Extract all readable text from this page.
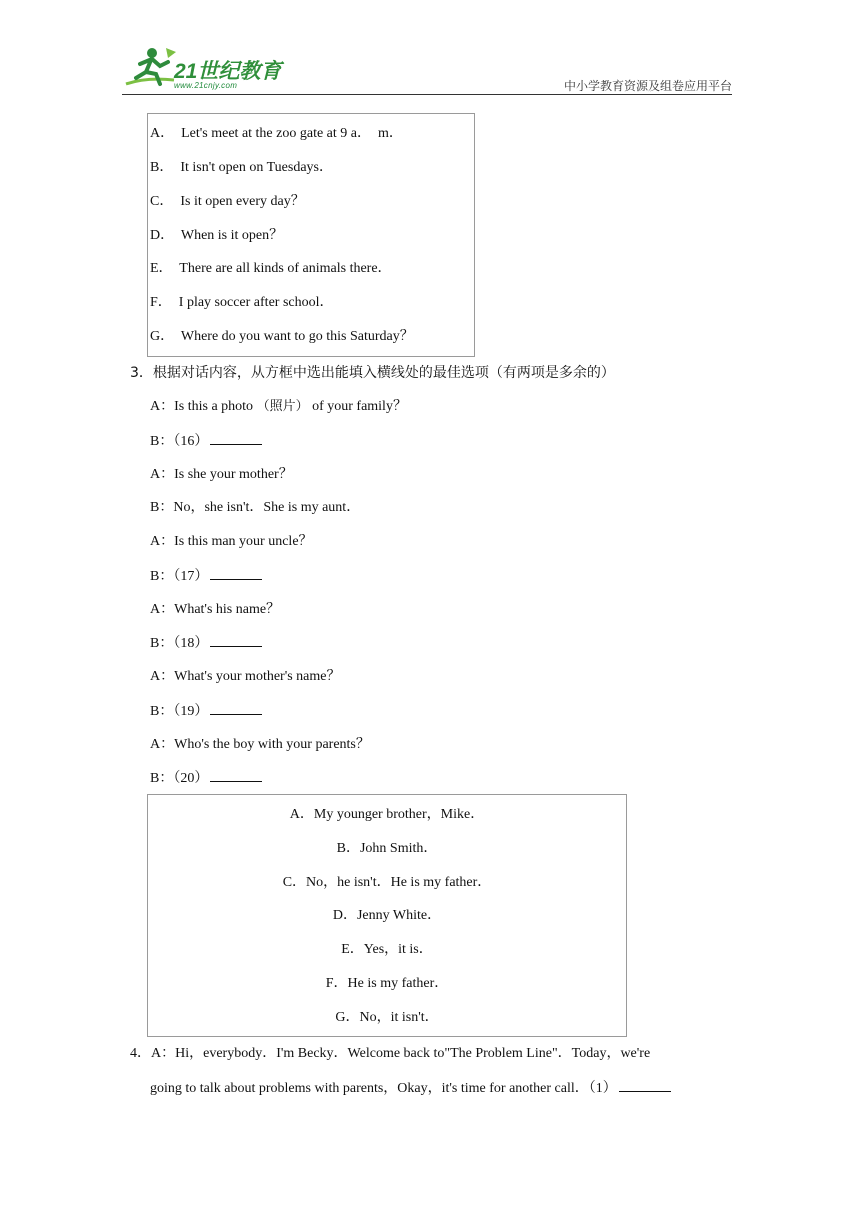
21世纪教育
www.21cnjy.com	中小学教育资源及组卷应用平台
A．  Let's meet at the zoo gate at 9 a．  m．
B．  It isn't open on Tuesdays．
C．  Is it open every day？
D．  When is it open？
E．  There are all kinds of animals there．
F．  I play soccer after school．
G．  Where do you want to go this Saturday？
3．根据对话内容，从方框中选出能填入横线处的最佳选项（有两项是多余的）
A：Is this a photo （照片） of your family？
B：（16）
A：Is she your mother？
B：No，she isn't．She is my aunt．
A：Is this man your uncle？
B：（17）
A：What's his name？
B：（18）
A：What's your mother's name？
B：（19）
A：Who's the boy with your parents？
B：（20）
A．My younger brother，Mike．
B．John Smith．
C．No，he isn't．He is my father．
D．Jenny White．
E．Yes，it is．
F．He is my father．
G．No，it isn't．
4．A：Hi，everybody．I'm Becky．Welcome back to"The Problem Line"．Today，we're
going to talk about problems with parents，Okay，it's time for another call．（1）
